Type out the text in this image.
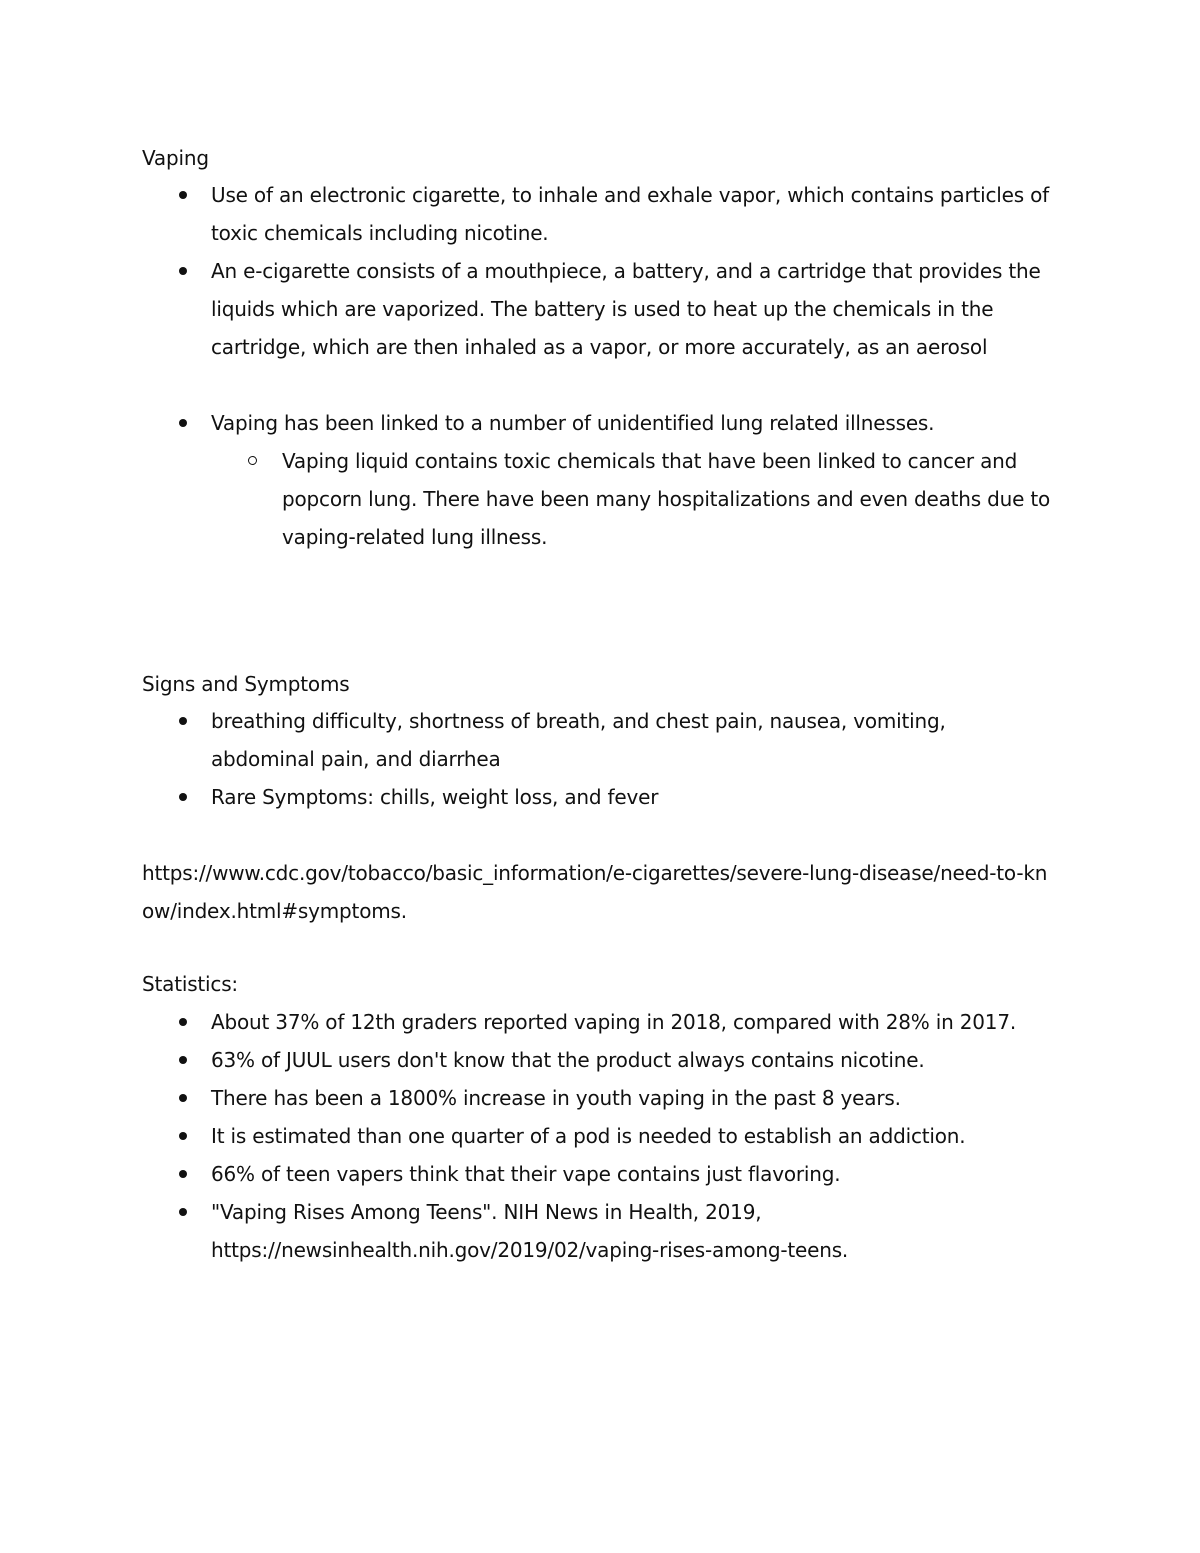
Vaping
Use of an electronic cigarette, to inhale and exhale vapor, which contains particles of toxic chemicals including nicotine.
An e-cigarette consists of a mouthpiece, a battery, and a cartridge that provides the liquids which are vaporized. The battery is used to heat up the chemicals in the cartridge, which are then inhaled as a vapor, or more accurately, as an aerosol
Vaping has been linked to a number of unidentified lung related illnesses.
Vaping liquid contains toxic chemicals that have been linked to cancer and popcorn lung. There have been many hospitalizations and even deaths due to vaping-related lung illness.
Signs and Symptoms
breathing difficulty, shortness of breath, and chest pain, nausea, vomiting, abdominal pain, and diarrhea
Rare Symptoms: chills, weight loss, and fever
https://www.cdc.gov/tobacco/basic_information/e-cigarettes/severe-lung-disease/need-to-know/index.html#symptoms.
Statistics:
About 37% of 12th graders reported vaping in 2018, compared with 28% in 2017.
63% of JUUL users don't know that the product always contains nicotine.
There has been a 1800% increase in youth vaping in the past 8 years.
It is estimated than one quarter of a pod is needed to establish an addiction.
66% of teen vapers think that their vape contains just flavoring.
"Vaping Rises Among Teens". NIH News in Health, 2019, https://newsinhealth.nih.gov/2019/02/vaping-rises-among-teens.
